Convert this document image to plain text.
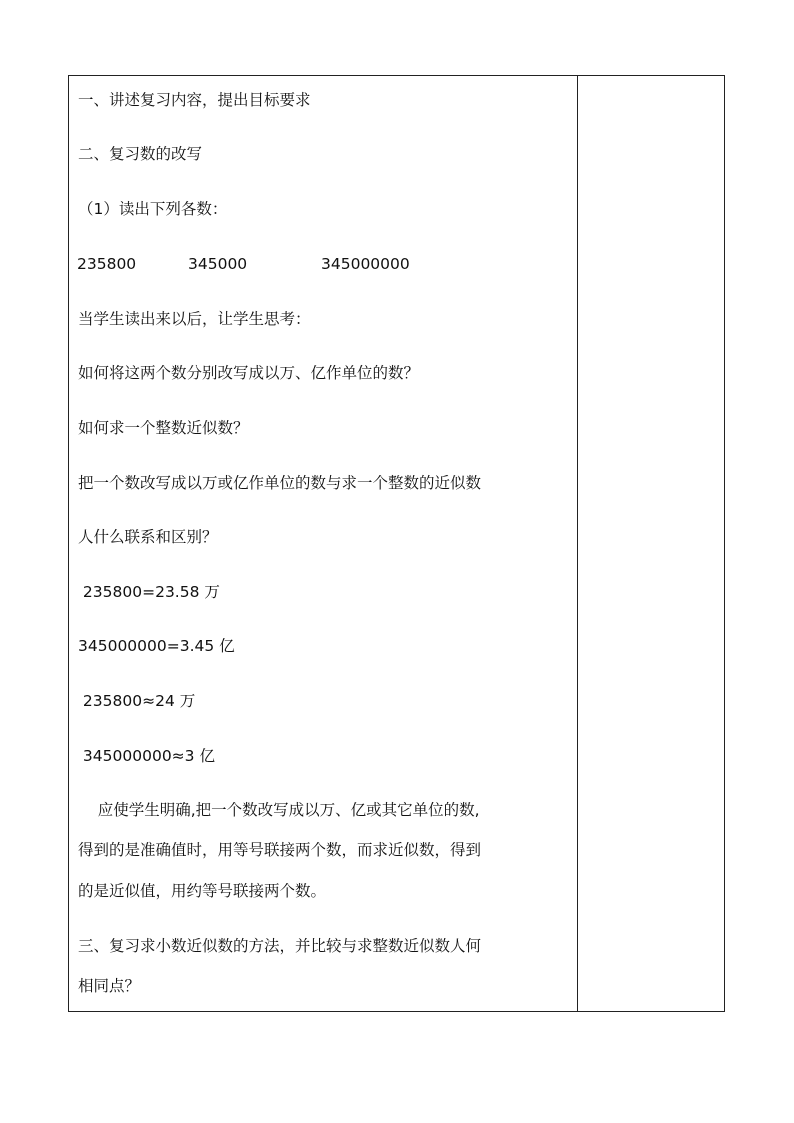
一、讲述复习内容，提出目标要求
二、复习数的改写
（1）读出下列各数：

235800

	345000

	345000000

当学生读出来以后，让学生思考：
如何将这两个数分别改写成以万、亿作单位的数？
如何求一个整数近似数？
把一个数改写成以万或亿作单位的数与求一个整数的近似数
人什么联系和区别？
235800=23.58 万
345000000=3.45 亿
235800≈24 万
345000000≈3 亿
应使学生明确,把一个数改写成以万、亿或其它单位的数,
得到的是准确值时，用等号联接两个数，而求近似数，得到
的是近似值，用约等号联接两个数。
三、复习求小数近似数的方法，并比较与求整数近似数人何
相同点？
